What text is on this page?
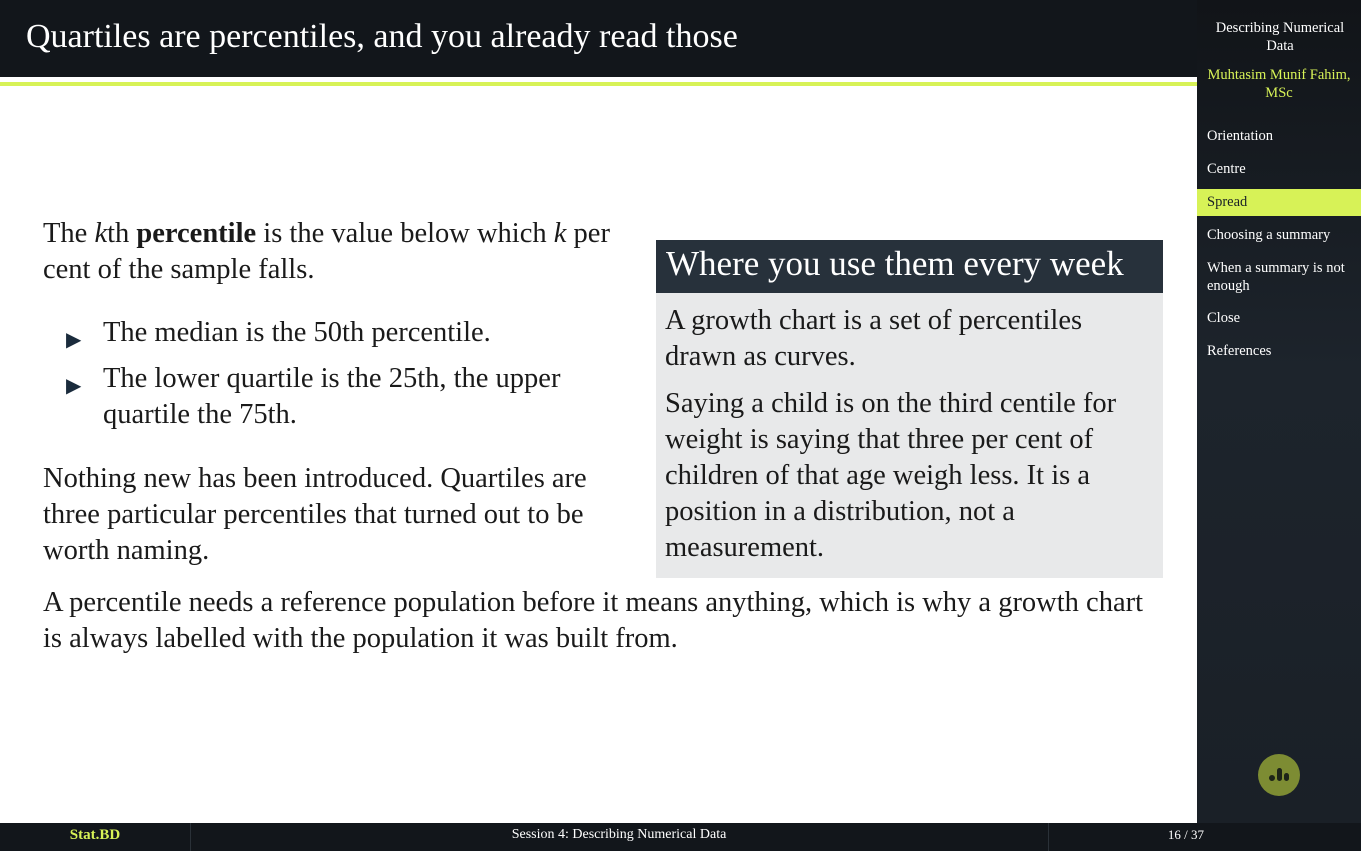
Quartiles are percentiles, and you already read those
The kth percentile is the value below which k per cent of the sample falls.
▶ The median is the 50th percentile.
▶ The lower quartile is the 25th, the upper quartile the 75th.
Nothing new has been introduced. Quartiles are three particular percentiles that turned out to be worth naming.
A percentile needs a reference population before it means anything, which is why a growth chart is always labelled with the population it was built from.
Where you use them every week

A growth chart is a set of percentiles drawn as curves.

Saying a child is on the third centile for weight is saying that three per cent of children of that age weigh less. It is a position in a distribution, not a measurement.

Describing Numerical Data
Muhtasim Munif Fahim, MSc
Orientation
Centre
Spread
Choosing a summary
When a summary is not enough
Close
References
Stat.BD	Session 4: Describing Numerical Data	16 / 37
